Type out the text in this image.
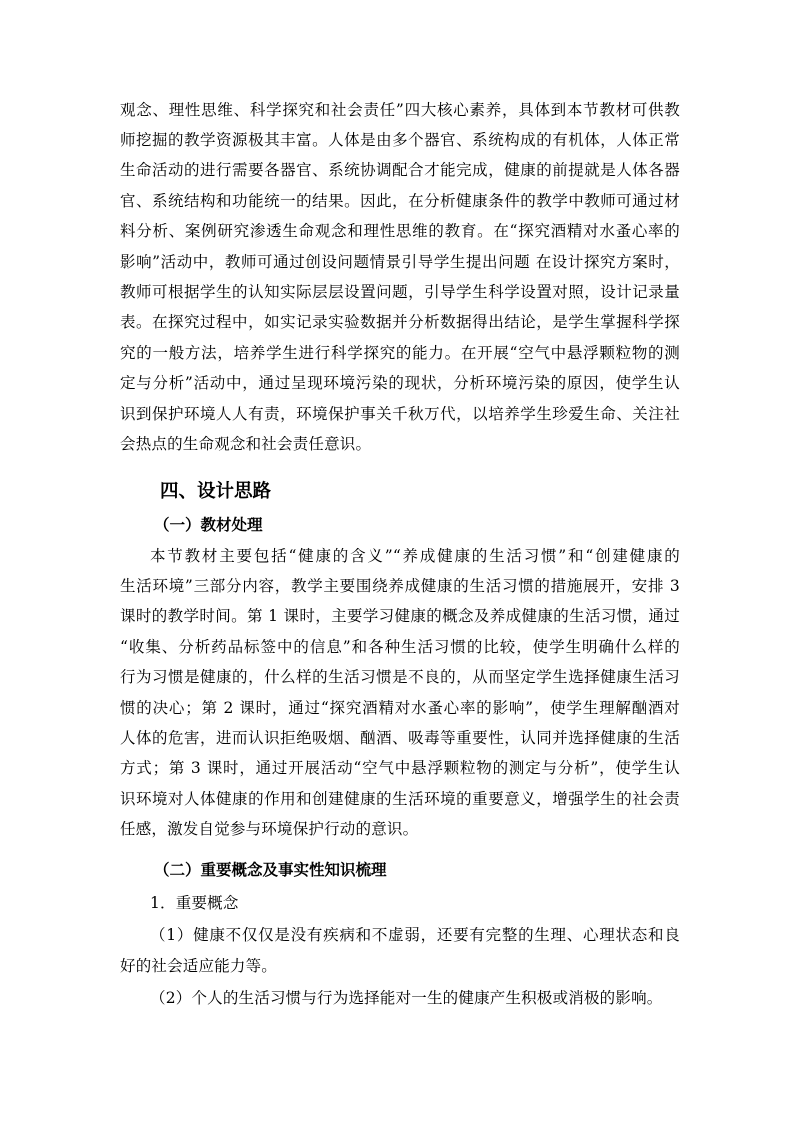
观念、理性思维、科学探究和社会责任”四大核心素养，具体到本节教材可供教
师挖掘的教学资源极其丰富。人体是由多个器官、系统构成的有机体，人体正常
生命活动的进行需要各器官、系统协调配合才能完成，健康的前提就是人体各器
官、系统结构和功能统一的结果。因此，在分析健康条件的教学中教师可通过材
料分析、案例研究渗透生命观念和理性思维的教育。在“探究酒精对水蚤心率的
影响”活动中，教师可通过创设问题情景引导学生提出问题 在设计探究方案时，
教师可根据学生的认知实际层层设置问题，引导学生科学设置对照，设计记录量
表。在探究过程中，如实记录实验数据并分析数据得出结论，是学生掌握科学探
究的一般方法，培养学生进行科学探究的能力。在开展“空气中悬浮颗粒物的测
定与分析”活动中，通过呈现环境污染的现状，分析环境污染的原因，使学生认
识到保护环境人人有责，环境保护事关千秋万代，以培养学生珍爱生命、关注社
会热点的生命观念和社会责任意识。
四、设计思路
（一）教材处理
本节教材主要包括“健康的含义”“养成健康的生活习惯”和“创建健康的
生活环境”三部分内容，教学主要围绕养成健康的生活习惯的措施展开，安排 3
课时的教学时间。第 1 课时，主要学习健康的概念及养成健康的生活习惯，通过
“收集、分析药品标签中的信息”和各种生活习惯的比较，使学生明确什么样的
行为习惯是健康的，什么样的生活习惯是不良的，从而坚定学生选择健康生活习
惯的决心；第 2 课时，通过“探究酒精对水蚤心率的影响”，使学生理解酗酒对
人体的危害，进而认识拒绝吸烟、酗酒、吸毒等重要性，认同并选择健康的生活
方式；第 3 课时，通过开展活动“空气中悬浮颗粒物的测定与分析”，使学生认
识环境对人体健康的作用和创建健康的生活环境的重要意义，增强学生的社会责
任感，激发自觉参与环境保护行动的意识。
（二）重要概念及事实性知识梳理
1．重要概念
（1）健康不仅仅是没有疾病和不虚弱，还要有完整的生理、心理状态和良
好的社会适应能力等。
（2）个人的生活习惯与行为选择能对一生的健康产生积极或消极的影响。
